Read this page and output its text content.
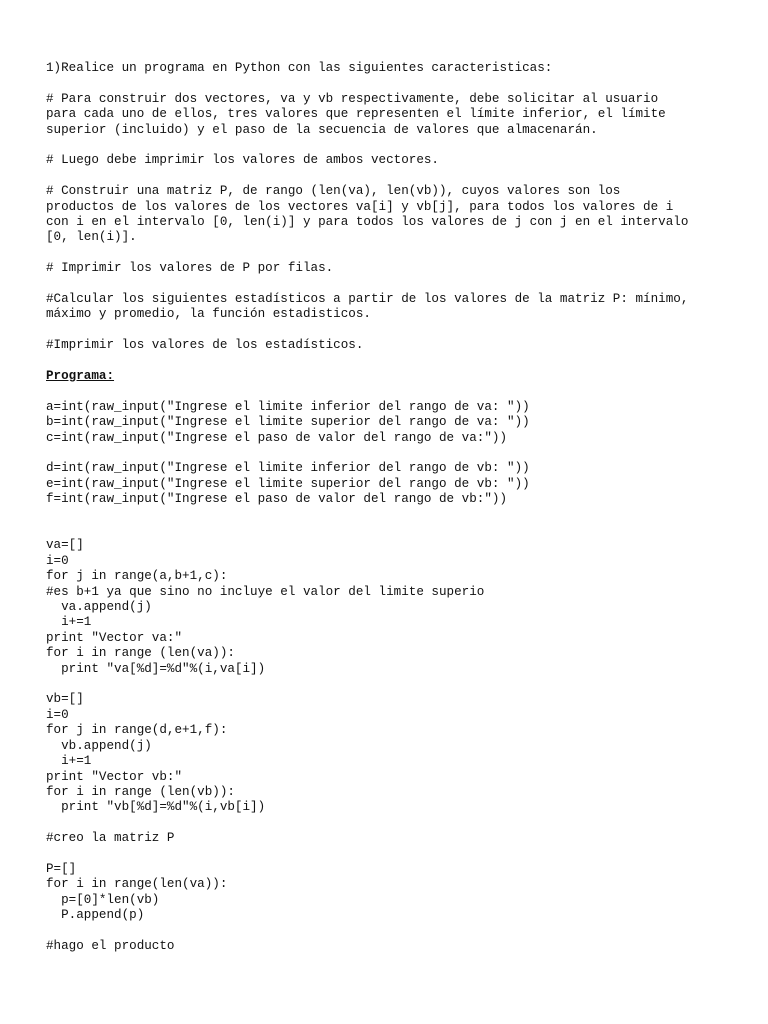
1)Realice un programa en Python con las siguientes caracteristicas:
# Para construir dos vectores, va y vb respectivamente, debe solicitar al usuario
para cada uno de ellos, tres valores que representen el límite inferior, el límite
superior (incluido) y el paso de la secuencia de valores que almacenarán.
# Luego debe imprimir los valores de ambos vectores.
# Construir una matriz P, de rango (len(va), len(vb)), cuyos valores son los
productos de los valores de los vectores va[i] y vb[j], para todos los valores de i
con i en el intervalo [0, len(i)] y para todos los valores de j con j en el intervalo
[0, len(i)].
# Imprimir los valores de P por filas.
#Calcular los siguientes estadísticos a partir de los valores de la matriz P: mínimo,
máximo y promedio, la función estadisticos.
#Imprimir los valores de los estadísticos.
Programa:
a=int(raw_input("Ingrese el limite inferior del rango de va: "))
b=int(raw_input("Ingrese el limite superior del rango de va: "))
c=int(raw_input("Ingrese el paso de valor del rango de va:"))
d=int(raw_input("Ingrese el limite inferior del rango de vb: "))
e=int(raw_input("Ingrese el limite superior del rango de vb: "))
f=int(raw_input("Ingrese el paso de valor del rango de vb:"))
va=[]
i=0
for j in range(a,b+1,c):
#es b+1 ya que sino no incluye el valor del limite superio
va.append(j)
i+=1
print "Vector va:"
for i in range (len(va)):
print "va[%d]=%d"%(i,va[i])
vb=[]
i=0
for j in range(d,e+1,f):
vb.append(j)
i+=1
print "Vector vb:"
for i in range (len(vb)):
print "vb[%d]=%d"%(i,vb[i])
#creo la matriz P
P=[]
for i in range(len(va)):
p=[0]*len(vb)
P.append(p)
#hago el producto
